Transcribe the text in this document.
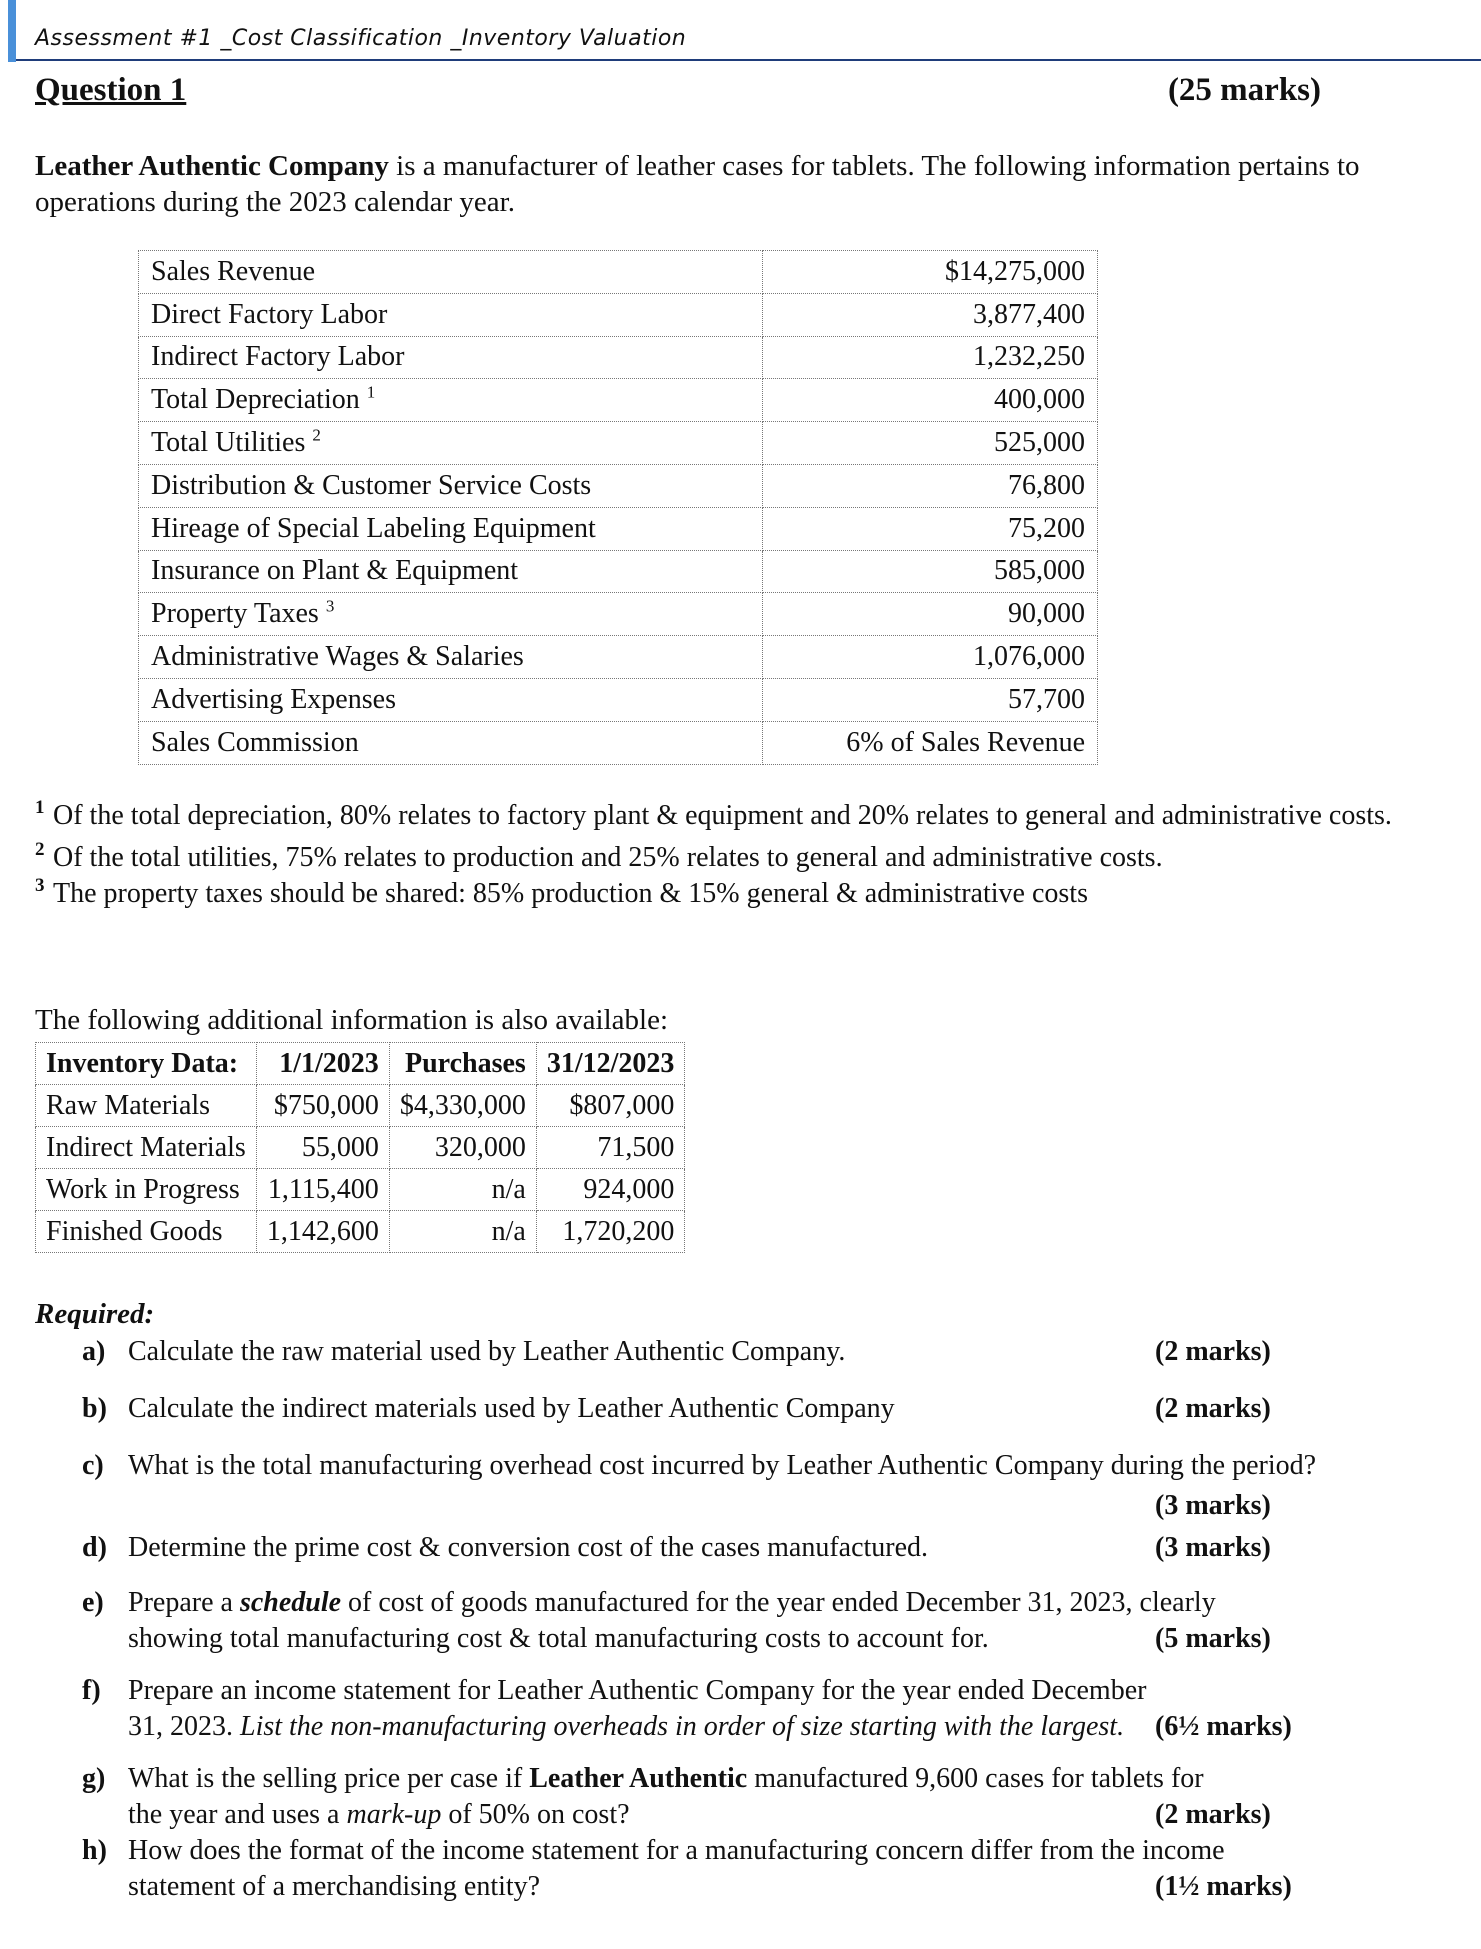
Assessment #1 _Cost Classification _Inventory Valuation
Question 1	(25 marks)
Leather Authentic Company is a manufacturer of leather cases for tablets. The following information pertains to operations during the 2023 calendar year.
Sales Revenue	$14,275,000
Direct Factory Labor	3,877,400
Indirect Factory Labor	1,232,250
Total Depreciation $^1$	400,000
Total Utilities $^2$	525,000
Distribution & Customer Service Costs	76,800
Hireage of Special Labeling Equipment	75,200
Insurance on Plant & Equipment	585,000
Property Taxes $^3$	90,000
Administrative Wages & Salaries	1,076,000
Advertising Expenses	57,700
Sales Commission	6% of Sales Revenue
1 Of the total depreciation, 80% relates to factory plant & equipment and 20% relates to general and administrative costs.
2 Of the total utilities, 75% relates to production and 25% relates to general and administrative costs.
3 The property taxes should be shared: 85% production & 15% general & administrative costs
The following additional information is also available:
Inventory Data:	1/1/2023	Purchases	31/12/2023
Raw Materials	$750,000	$4,330,000	$807,000
Indirect Materials	55,000	320,000	71,500
Work in Progress	1,115,400	n/a	924,000
Finished Goods	1,142,600	n/a	1,720,200
Required:
a) Calculate the raw material used by Leather Authentic Company.	(2 marks)
b) Calculate the indirect materials used by Leather Authentic Company	(2 marks)
c) What is the total manufacturing overhead cost incurred by Leather Authentic Company during the period?
(3 marks)
d) Determine the prime cost & conversion cost of the cases manufactured.	(3 marks)
e) Prepare a schedule of cost of goods manufactured for the year ended December 31, 2023, clearly showing total manufacturing cost & total manufacturing costs to account for.	(5 marks)
f) Prepare an income statement for Leather Authentic Company for the year ended December 31, 2023. List the non-manufacturing overheads in order of size starting with the largest.	(6½ marks)
g) What is the selling price per case if Leather Authentic manufactured 9,600 cases for tablets for the year and uses a mark-up of 50% on cost?	(2 marks)
h) How does the format of the income statement for a manufacturing concern differ from the income statement of a merchandising entity?	(1½ marks)
